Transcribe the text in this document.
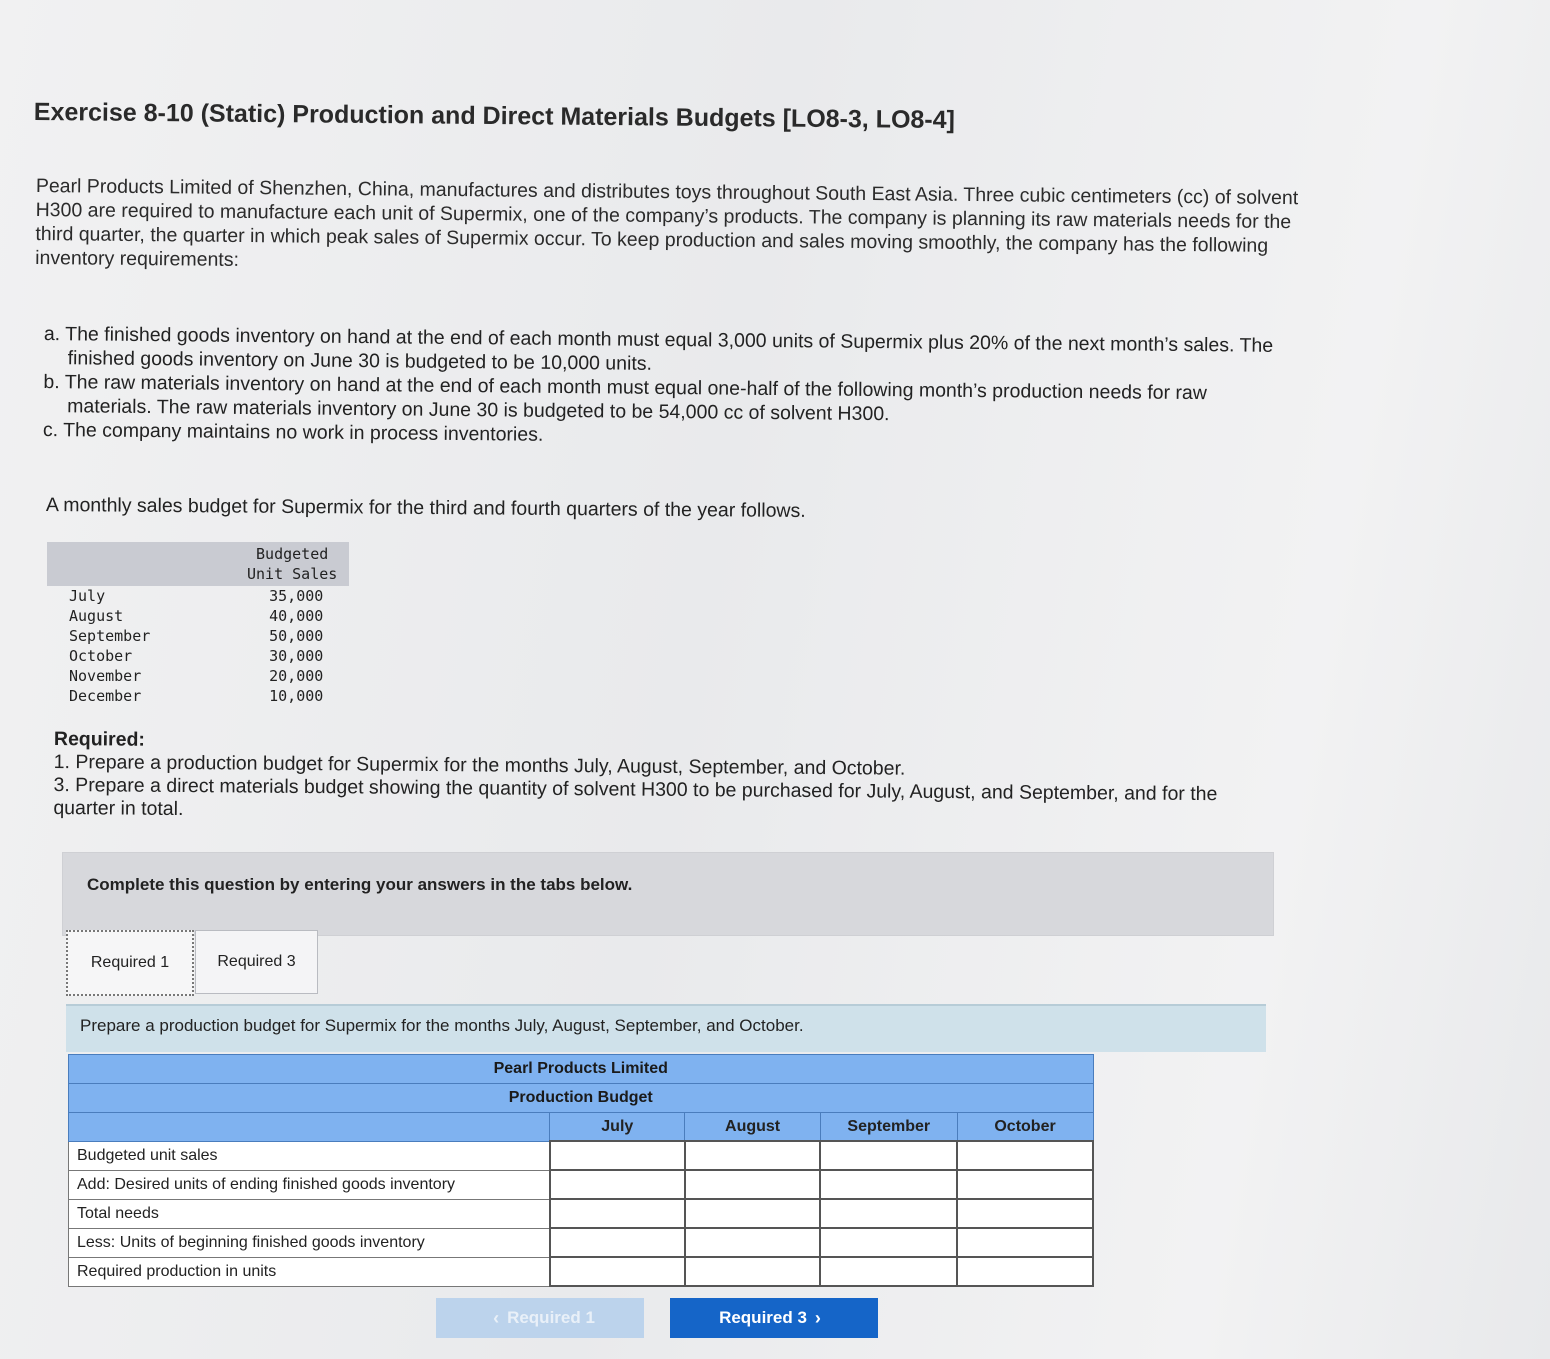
Exercise 8-10 (Static) Production and Direct Materials Budgets [LO8-3, LO8-4]

Pearl Products Limited of Shenzhen, China, manufactures and distributes toys throughout South East Asia. Three cubic centimeters (cc) of solvent H300 are required to manufacture each unit of Supermix, one of the company’s products. The company is planning its raw materials needs for the third quarter, the quarter in which peak sales of Supermix occur. To keep production and sales moving smoothly, the company has the following inventory requirements:

a. The finished goods inventory on hand at the end of each month must equal 3,000 units of Supermix plus 20% of the next month’s sales. The finished goods inventory on June 30 is budgeted to be 10,000 units.
b. The raw materials inventory on hand at the end of each month must equal one-half of the following month’s production needs for raw materials. The raw materials inventory on June 30 is budgeted to be 54,000 cc of solvent H300.
c. The company maintains no work in process inventories.
A monthly sales budget for Supermix for the third and fourth quarters of the year follows.

	Budgeted
Unit Sales

July	35,000
August	40,000
September	50,000
October	30,000
November	20,000
December	10,000
Required:
1. Prepare a production budget for Supermix for the months July, August, September, and October.
3. Prepare a direct materials budget showing the quantity of solvent H300 to be purchased for July, August, and September, and for the quarter in total.
Complete this question by entering your answers in the tabs below.
Required 1	Required 3
Prepare a production budget for Supermix for the months July, August, September, and October.
Pearl Products Limited				
Production Budget				
	July	August	September	October
Budgeted unit sales				
Add: Desired units of ending finished goods inventory				
Total needs				
Less: Units of beginning finished goods inventory				
Required production in units				
‹ Required 1	Required 3 ›
